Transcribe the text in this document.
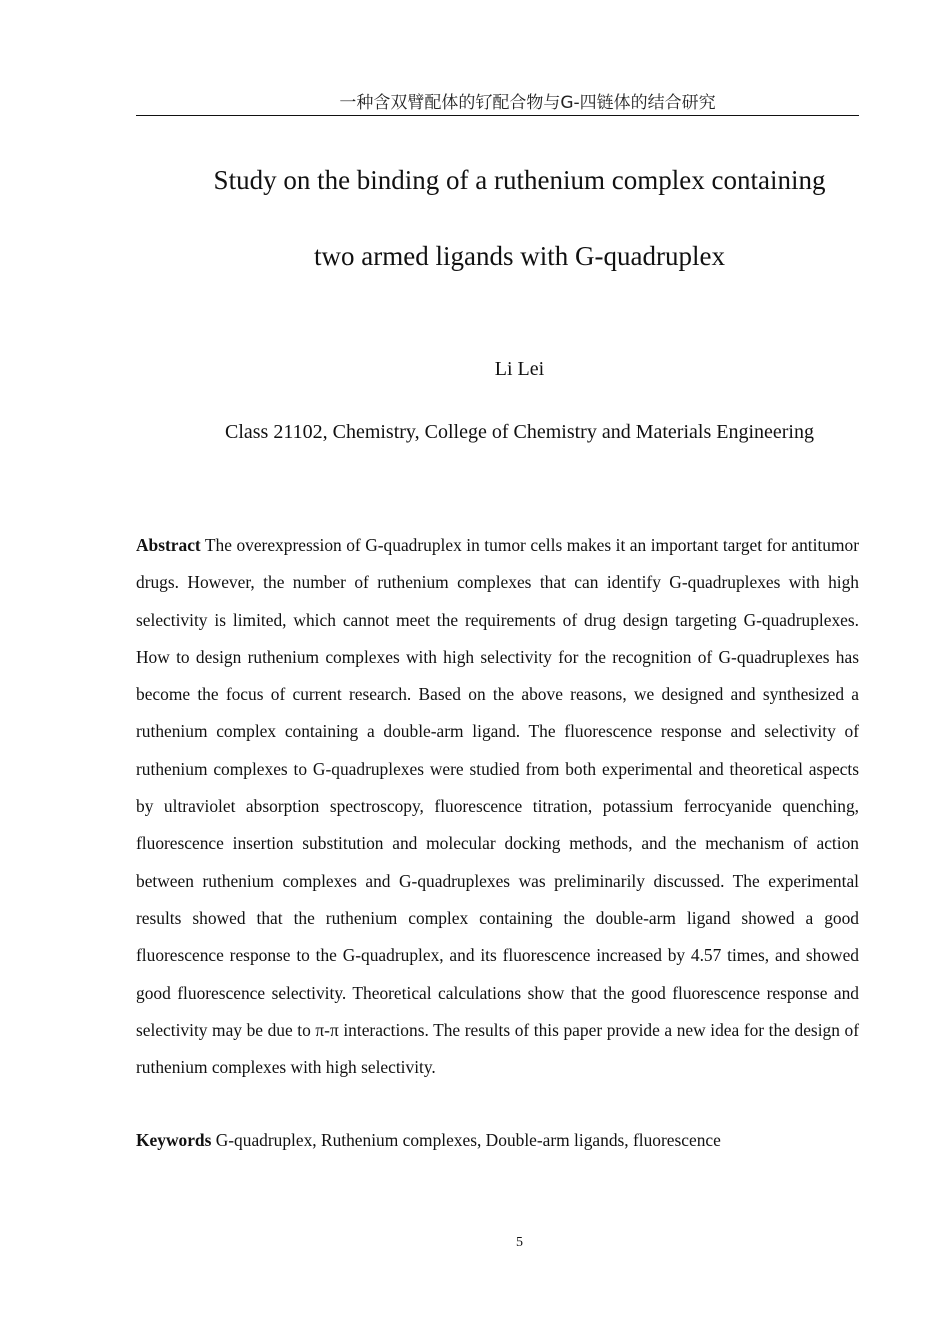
一种含双臂配体的钌配合物与G-四链体的结合研究
Study on the binding of a ruthenium complex containing
two armed ligands with G-quadruplex
Li Lei
Class 21102, Chemistry, College of Chemistry and Materials Engineering
Abstract The overexpression of G-quadruplex in tumor cells makes it an important target for antitumor drugs. However, the number of ruthenium complexes that can identify G-quadruplexes with high selectivity is limited, which cannot meet the requirements of drug design targeting G-quadruplexes. How to design ruthenium complexes with high selectivity for the recognition of G-quadruplexes has become the focus of current research. Based on the above reasons, we designed and synthesized a ruthenium complex containing a double-arm ligand. The fluorescence response and selectivity of ruthenium complexes to G-quadruplexes were studied from both experimental and theoretical aspects by ultraviolet absorption spectroscopy, fluorescence titration, potassium ferrocyanide quenching, fluorescence insertion substitution and molecular docking methods, and the mechanism of action between ruthenium complexes and G-quadruplexes was preliminarily discussed. The experimental results showed that the ruthenium complex containing the double-arm ligand showed a good fluorescence response to the G-quadruplex, and its fluorescence increased by 4.57 times, and showed good fluorescence selectivity. Theoretical calculations show that the good fluorescence response and selectivity may be due to π-π interactions. The results of this paper provide a new idea for the design of ruthenium complexes with high selectivity.
Keywords G-quadruplex, Ruthenium complexes, Double-arm ligands, fluorescence
5
